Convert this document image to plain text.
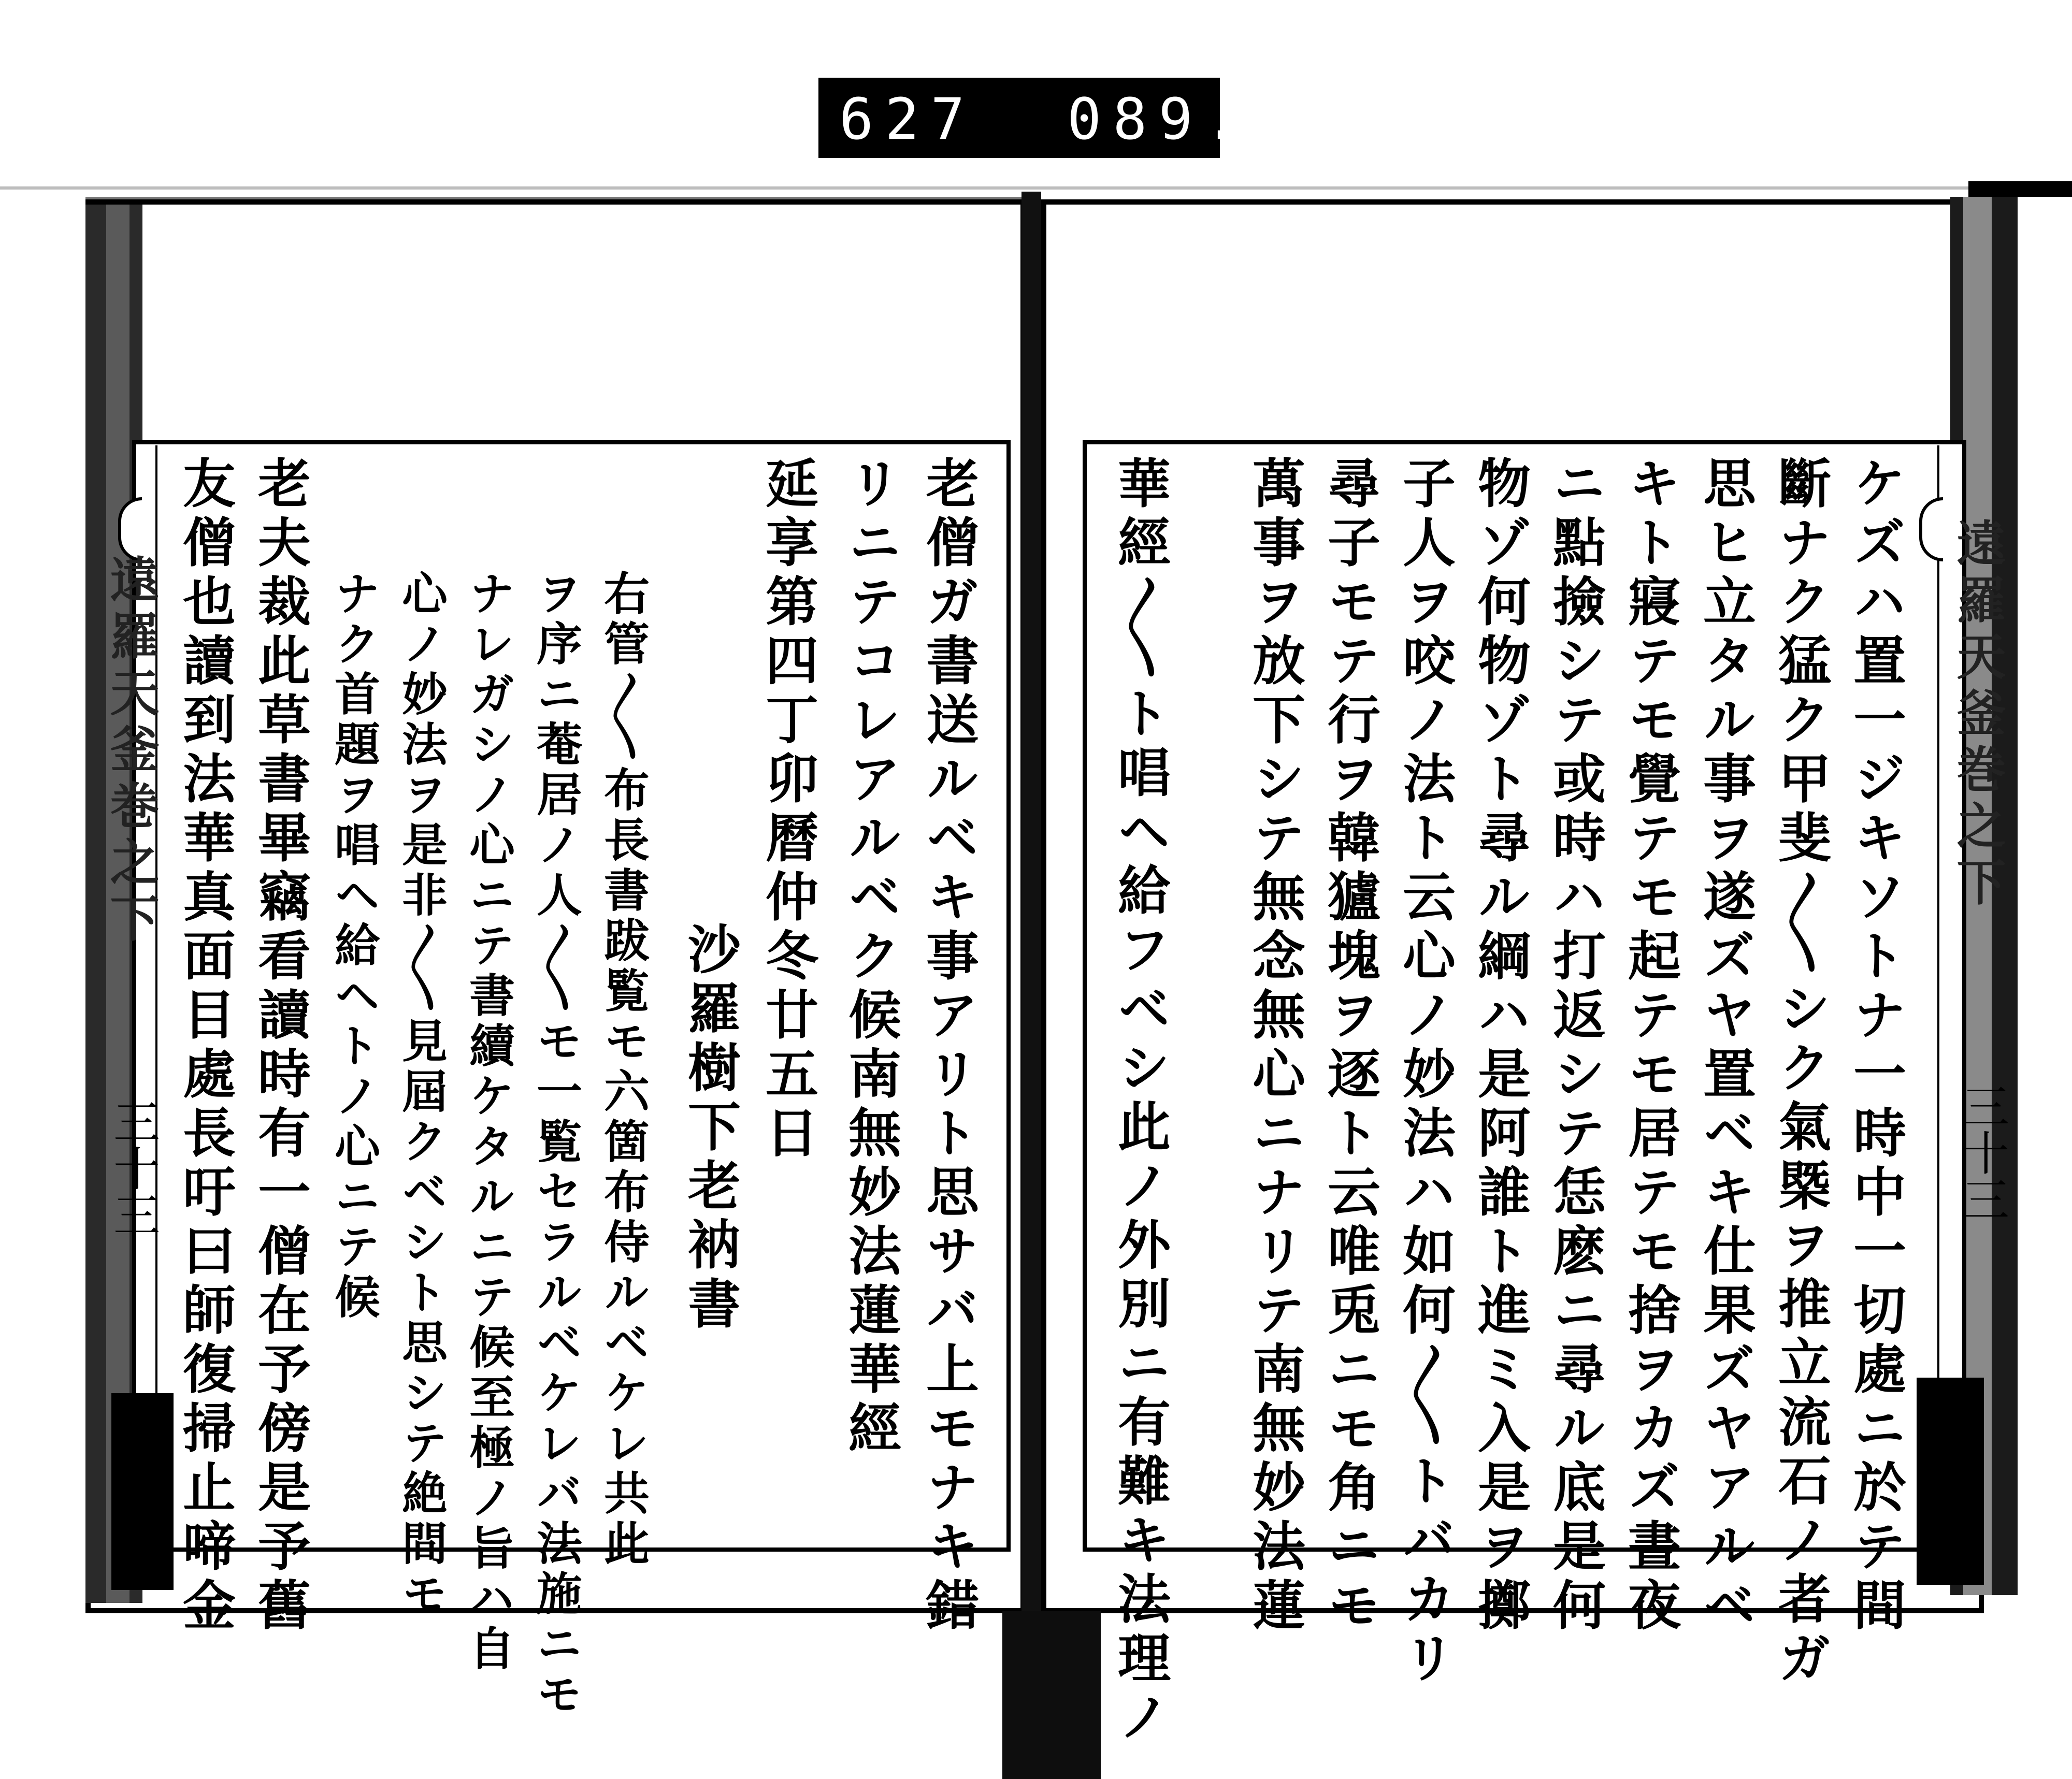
627 089.
遠羅天釜巻之下
三十三
遠羅天釜巻之下
三十三
ケズハ置一ジキソトナ一時中一切處ニ於テ間
斷ナク猛ク甲斐〳〵シク氣槩ヲ推立流石ノ者ガ
思ヒ立タル事ヲ遂ズヤ置ベキ仕果ズヤアルベ
キト寢テモ覺テモ起テモ居テモ捨ヲカズ晝夜
ニ點撿シテ或時ハ打返シテ恁麽ニ尋ル底是何
物ゾ何物ゾト尋ル綱ハ是阿誰ト進ミ入是ヲ擲
子人ヲ咬ノ法ト云心ノ妙法ハ如何〳〵トバカリ
尋子モテ行ヲ韓獹塊ヲ逐ト云唯兎ニモ角ニモ
萬事ヲ放下シテ無念無心ニナリテ南無妙法蓮
華經〳〵ト唱ヘ給フベシ此ノ外別ニ有難キ法理ノ
老僧ガ書送ルベキ事アリト思サバ上モナキ錯
リニテコレアルベク候南無妙法蓮華經
延享第四丁卯曆仲冬廿五日
沙羅樹下老衲書
右管〳〵布長書跋覧モ六箇布侍ルベケレ共此
ヲ序ニ菴居ノ人〳〵モ一覧セラルベケレバ法施ニモ
ナレガシノ心ニテ書續ケタルニテ候至極ノ旨ハ自
心ノ妙法ヲ是非〳〵見屆クベシト思シテ絶間モ
ナク首題ヲ唱ヘ給ヘトノ心ニテ候
老夫裁此草書畢竊看讀時有一僧在予傍是予舊
友僧也讀到法華真面目處長吁曰師復掃止啼金
